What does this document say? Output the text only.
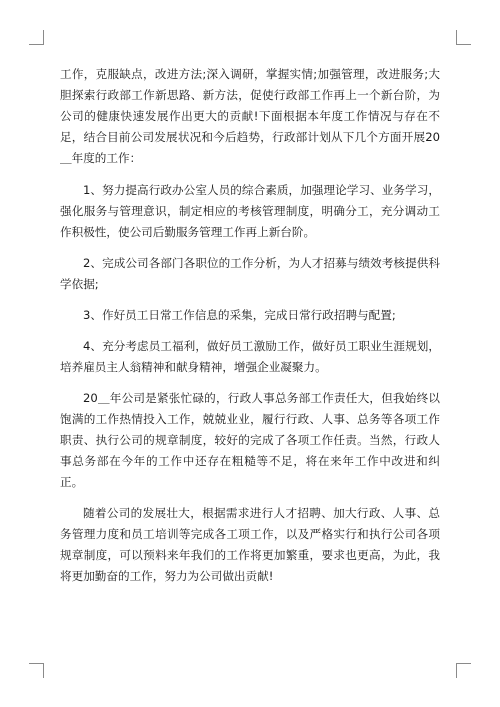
工作，克服缺点，改进方法;深入调研，掌握实情;加强管理，改进服务;大胆探索行政部工作新思路、新方法，促使行政部工作再上一个新台阶，为公司的健康快速发展作出更大的贡献!下面根据本年度工作情况与存在不足，结合目前公司发展状况和今后趋势，行政部计划从下几个方面开展20＿年度的工作：

1、努力提高行政办公室人员的综合素质，加强理论学习、业务学习，强化服务与管理意识，制定相应的考核管理制度，明确分工，充分调动工作积极性，使公司后勤服务管理工作再上新台阶。

2、完成公司各部门各职位的工作分析，为人才招募与绩效考核提供科学依据;

3、作好员工日常工作信息的采集，完成日常行政招聘与配置;

4、充分考虑员工福利，做好员工激励工作，做好员工职业生涯规划，培养雇员主人翁精神和献身精神，增强企业凝聚力。

20＿年公司是紧张忙碌的，行政人事总务部工作责任大，但我始终以饱满的工作热情投入工作，兢兢业业，履行行政、人事、总务等各项工作职责、执行公司的规章制度，较好的完成了各项工作任责。当然，行政人事总务部在今年的工作中还存在粗糙等不足，将在来年工作中改进和纠正。

随着公司的发展壮大，根据需求进行人才招聘、加大行政、人事、总务管理力度和员工培训等完成各工项工作，以及严格实行和执行公司各项规章制度，可以预料来年我们的工作将更加繁重，要求也更高，为此，我将更加勤奋的工作，努力为公司做出贡献!
